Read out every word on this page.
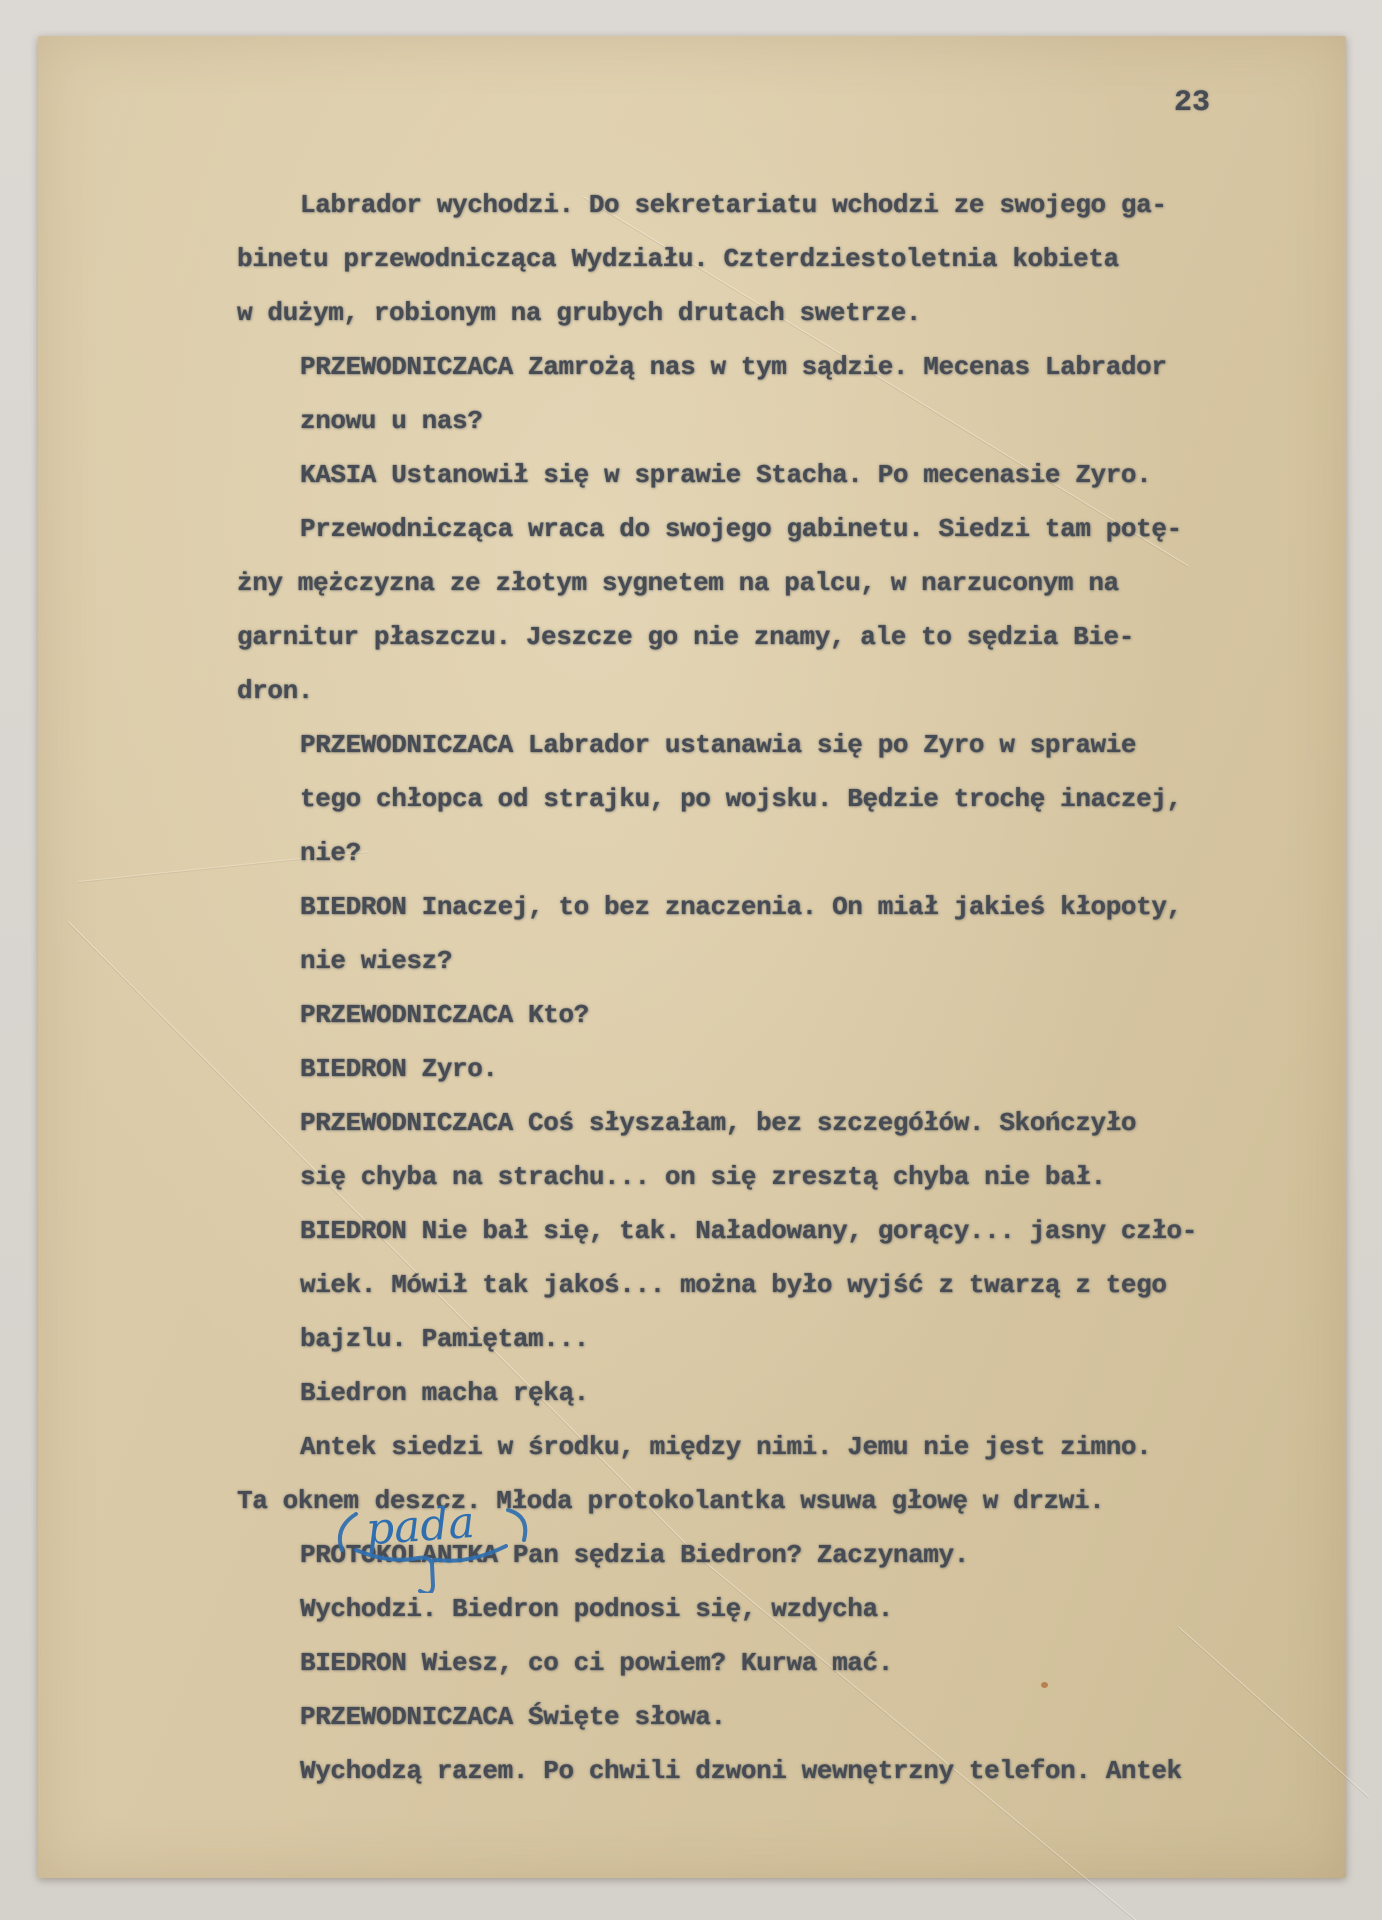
23
Labrador wychodzi. Do sekretariatu wchodzi ze swojego ga-
binetu przewodnicząca Wydziału. Czterdziestoletnia kobieta
w dużym, robionym na grubych drutach swetrze.
PRZEWODNICZACA Zamrożą nas w tym sądzie. Mecenas Labrador
znowu u nas?
KASIA Ustanowił się w sprawie Stacha. Po mecenasie Zyro.
Przewodnicząca wraca do swojego gabinetu. Siedzi tam potę-
żny mężczyzna ze złotym sygnetem na palcu, w narzuconym na
garnitur płaszczu. Jeszcze go nie znamy, ale to sędzia Bie-
dron.
PRZEWODNICZACA Labrador ustanawia się po Zyro w sprawie
tego chłopca od strajku, po wojsku. Będzie trochę inaczej,
nie?
BIEDRON Inaczej, to bez znaczenia. On miał jakieś kłopoty,
nie wiesz?
PRZEWODNICZACA Kto?
BIEDRON Zyro.
PRZEWODNICZACA Coś słyszałam, bez szczegółów. Skończyło
się chyba na strachu... on się zresztą chyba nie bał.
BIEDRON Nie bał się, tak. Naładowany, gorący... jasny czło-
wiek. Mówił tak jakoś... można było wyjść z twarzą z tego
bajzlu. Pamiętam...
Biedron macha ręką.
Antek siedzi w środku, między nimi. Jemu nie jest zimno.
Ta oknem deszcz. Młoda protokolantka wsuwa głowę w drzwi.
PROTOKOLANTKA Pan sędzia Biedron? Zaczynamy.
Wychodzi. Biedron podnosi się, wzdycha.
BIEDRON Wiesz, co ci powiem? Kurwa mać.
PRZEWODNICZACA Święte słowa.
Wychodzą razem. Po chwili dzwoni wewnętrzny telefon. Antek
pada
